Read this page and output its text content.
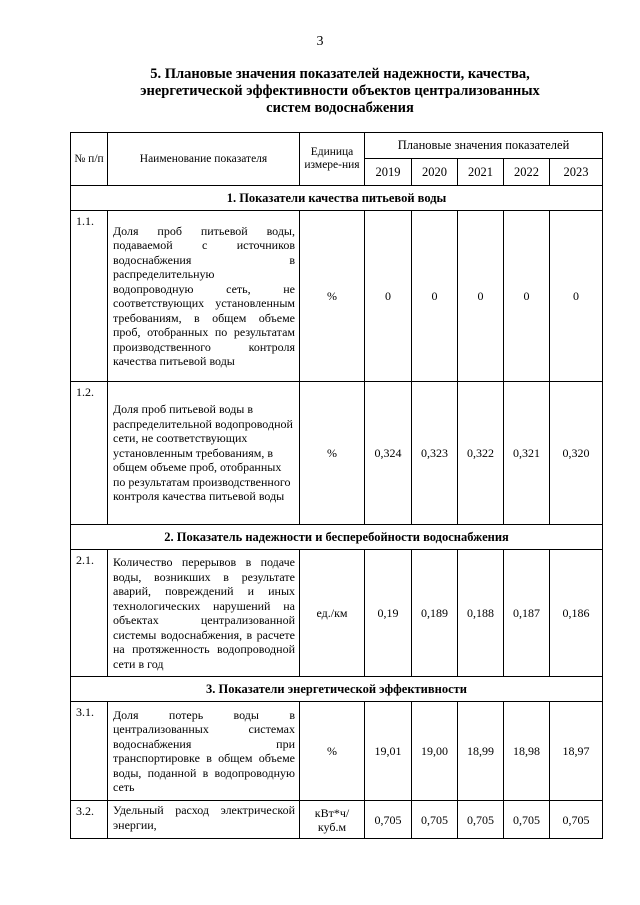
3
5. Плановые значения показателей надежности, качества,
энергетической эффективности объектов централизованных
систем водоснабжения
№ п/п	Наименование показателя	Единица измере-ния	Плановые значения показателей				
			2019	2020	2021	2022	2023
1. Показатели качества питьевой воды							
1.1.	Доля проб питьевой воды, подаваемой с источников водоснабжения в распределительную водопроводную сеть, не соответствующих установленным требованиям, в общем объеме проб, отобранных по результатам производственного контроля качества питьевой воды	%	0	0	0	0	0
1.2.	Доля проб питьевой воды в распределительной водопроводной сети, не соответствующих установленным требованиям, в общем объеме проб, отобранных по результатам производственного контроля качества питьевой воды	%	0,324	0,323	0,322	0,321	0,320
2. Показатель надежности и бесперебойности водоснабжения							
2.1.	Количество перерывов в подаче воды, возникших в результате аварий, повреждений и иных технологических нарушений на объектах централизованной системы водоснабжения, в расчете на протяженность водопроводной сети в год	ед./км	0,19	0,189	0,188	0,187	0,186
3. Показатели энергетической эффективности							
3.1.	Доля потерь воды в централизованных системах водоснабжения при транспортировке в общем объеме воды, поданной в водопроводную сеть	%	19,01	19,00	18,99	18,98	18,97
3.2.	Удельный расход электрической энергии,	кВт*ч/ куб.м	0,705	0,705	0,705	0,705	0,705
